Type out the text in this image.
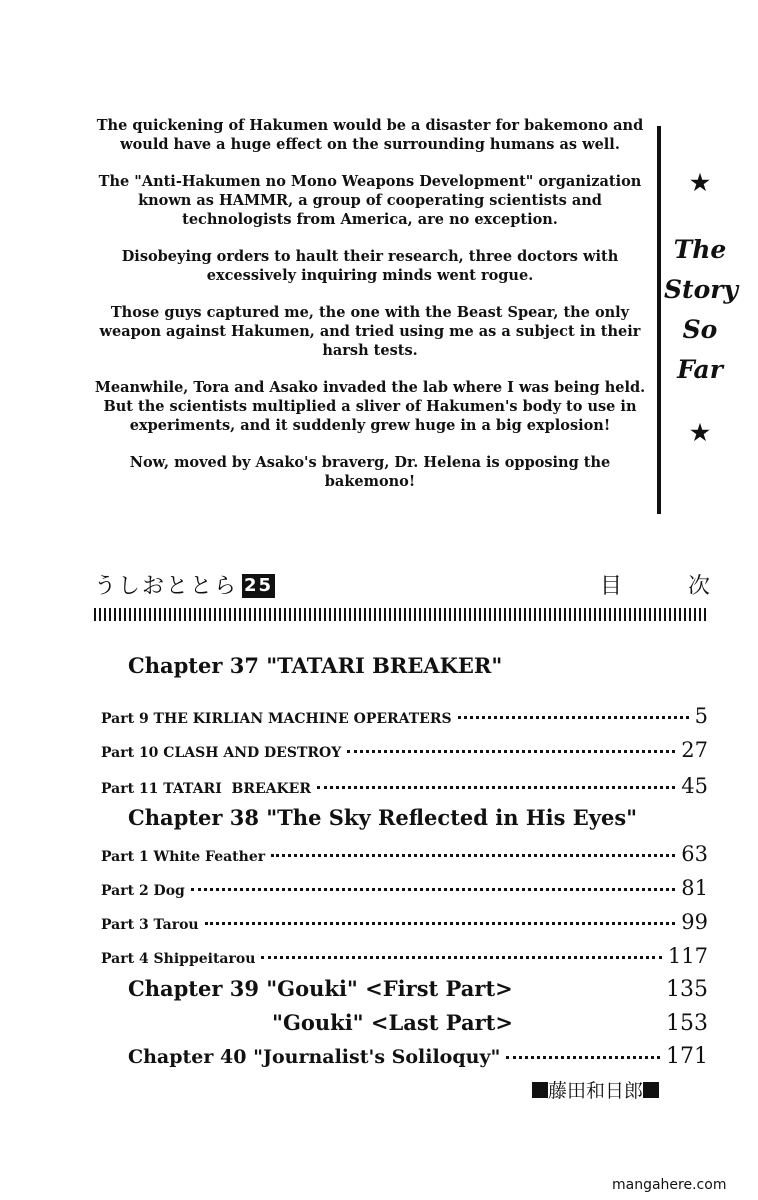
The quickening of Hakumen would be a disaster for bakemono and would have a huge effect on the surrounding humans as well.

The "Anti-Hakumen no Mono Weapons Development" organization known as HAMMR, a group of cooperating scientists and technologists from America, are no exception.

Disobeying orders to hault their research, three doctors with excessively inquiring minds went rogue.

Those guys captured me, the one with the Beast Spear, the only weapon against Hakumen, and tried using me as a subject in their harsh tests.

Meanwhile, Tora and Asako invaded the lab where I was being held. But the scientists multiplied a sliver of Hakumen's body to use in experiments, and it suddenly grew huge in a big explosion!

Now, moved by Asako's braverg, Dr. Helena is opposing the bakemono!

★
The
Story
So
Far
★
うしおととら 25	目	次
Chapter 37 "TATARI BREAKER"
Part 9 THE KIRLIAN MACHINE OPERATERS	5
Part 10 CLASH AND DESTROY	27
Part 11 TATARI  BREAKER	45
Chapter 38 "The Sky Reflected in His Eyes"
Part 1 White Feather	63
Part 2 Dog	81
Part 3 Tarou	99
Part 4 Shippeitarou	117
Chapter 39 "Gouki" <First Part>	135
"Gouki" <Last Part>	153
Chapter 40 "Journalist's Soliloquy"	171
藤田和日郎
mangahere.com
